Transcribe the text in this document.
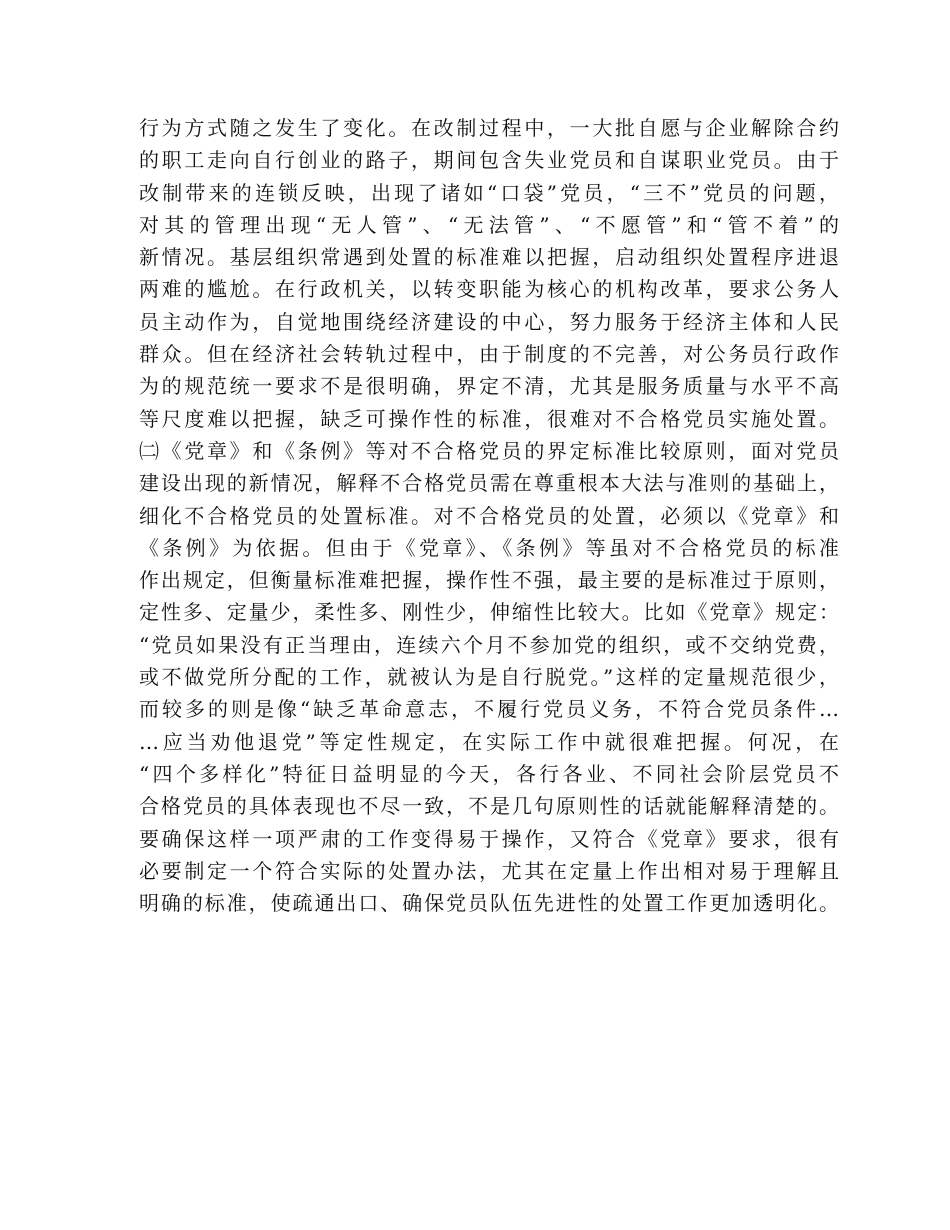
行为方式随之发生了变化。在改制过程中，一大批自愿与企业解除合约
的职工走向自行创业的路子，期间包含失业党员和自谋职业党员。由于
改制带来的连锁反映，出现了诸如“口袋”党员，“三不”党员的问题，
对其的管理出现“无人管”、“无法管”、“不愿管”和“管不着”的
新情况。基层组织常遇到处置的标准难以把握，启动组织处置程序进退
两难的尴尬。在行政机关，以转变职能为核心的机构改革，要求公务人
员主动作为，自觉地围绕经济建设的中心，努力服务于经济主体和人民
群众。但在经济社会转轨过程中，由于制度的不完善，对公务员行政作
为的规范统一要求不是很明确，界定不清，尤其是服务质量与水平不高
等尺度难以把握，缺乏可操作性的标准，很难对不合格党员实施处置。
㈡《党章》和《条例》等对不合格党员的界定标准比较原则，面对党员
建设出现的新情况，解释不合格党员需在尊重根本大法与准则的基础上，
细化不合格党员的处置标准。对不合格党员的处置，必须以《党章》和
《条例》为依据。但由于《党章》、《条例》等虽对不合格党员的标准
作出规定，但衡量标准难把握，操作性不强，最主要的是标准过于原则，
定性多、定量少，柔性多、刚性少，伸缩性比较大。比如《党章》规定：
“党员如果没有正当理由，连续六个月不参加党的组织，或不交纳党费，
或不做党所分配的工作，就被认为是自行脱党。”这样的定量规范很少，
而较多的则是像“缺乏革命意志，不履行党员义务，不符合党员条件…
…应当劝他退党”等定性规定，在实际工作中就很难把握。何况，在
“四个多样化”特征日益明显的今天，各行各业、不同社会阶层党员不
合格党员的具体表现也不尽一致，不是几句原则性的话就能解释清楚的。
要确保这样一项严肃的工作变得易于操作，又符合《党章》要求，很有
必要制定一个符合实际的处置办法，尤其在定量上作出相对易于理解且
明确的标准，使疏通出口、确保党员队伍先进性的处置工作更加透明化。
